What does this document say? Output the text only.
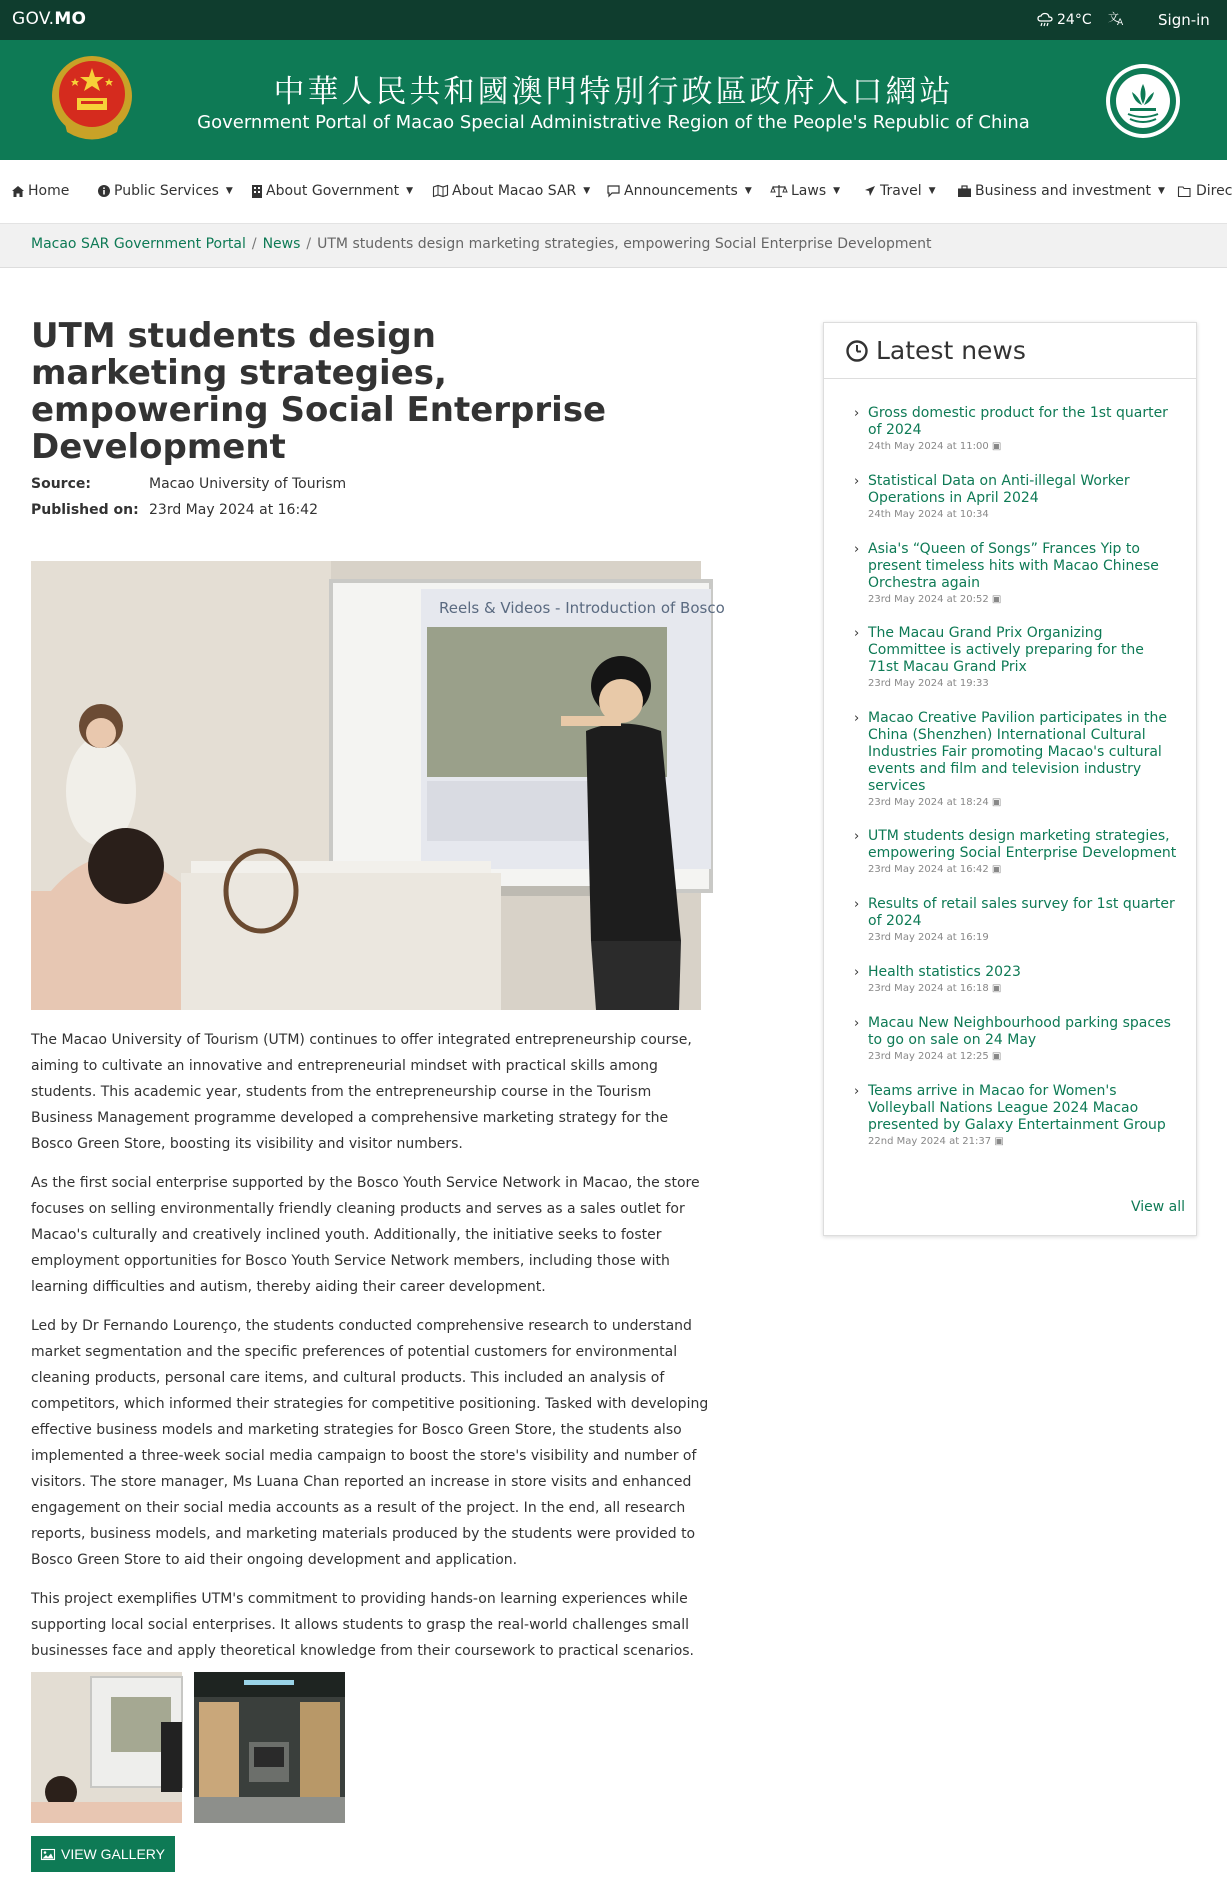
GOV.MO	24°C 文
A Sign-in
中華人民共和國澳門特別行政區政府入口網站
Government Portal of Macao Special Administrative Region of the People's Republic of China
Home	Public Services ▼ About Government ▼	About Macao SAR ▼ Announcements ▼	Laws ▼	Travel ▼	Business and investment ▼ Direc
Macao SAR Government Portal / News / UTM students design marketing strategies, empowering Social Enterprise Development
UTM students design marketing strategies, empowering Social Enterprise Development
Source:	Macao University of Tourism
Published on: 23rd May 2024 at 16:42
Reels & Videos - Introduction of Bosco

The Macao University of Tourism (UTM) continues to offer integrated entrepreneurship course, aiming to cultivate an innovative and entrepreneurial mindset with practical skills among students. This academic year, students from the entrepreneurship course in the Tourism Business Management programme developed a comprehensive marketing strategy for the Bosco Green Store, boosting its visibility and visitor numbers.

As the first social enterprise supported by the Bosco Youth Service Network in Macao, the store focuses on selling environmentally friendly cleaning products and serves as a sales outlet for Macao's culturally and creatively inclined youth. Additionally, the initiative seeks to foster employment opportunities for Bosco Youth Service Network members, including those with learning difficulties and autism, thereby aiding their career development.

Led by Dr Fernando Lourenço, the students conducted comprehensive research to understand market segmentation and the specific preferences of potential customers for environmental cleaning products, personal care items, and cultural products. This included an analysis of competitors, which informed their strategies for competitive positioning. Tasked with developing effective business models and marketing strategies for Bosco Green Store, the students also implemented a three-week social media campaign to boost the store's visibility and number of visitors. The store manager, Ms Luana Chan reported an increase in store visits and enhanced engagement on their social media accounts as a result of the project. In the end, all research reports, business models, and marketing materials produced by the students were provided to Bosco Green Store to aid their ongoing development and application.

This project exemplifies UTM's commitment to providing hands-on learning experiences while supporting local social enterprises. It allows students to grasp the real-world challenges small businesses face and apply theoretical knowledge from their coursework to practical scenarios.

VIEW GALLERY
Latest news
› Gross domestic product for the 1st quarter of 2024
24th May 2024 at 11:00 ▣
› Statistical Data on Anti-illegal Worker Operations in April 2024
24th May 2024 at 10:34
› Asia's “Queen of Songs” Frances Yip to present timeless hits with Macao Chinese Orchestra again
23rd May 2024 at 20:52 ▣
› The Macau Grand Prix Organizing Committee is actively preparing for the 71st Macau Grand Prix
23rd May 2024 at 19:33
› Macao Creative Pavilion participates in the China (Shenzhen) International Cultural Industries Fair promoting Macao's cultural events and film and television industry services
23rd May 2024 at 18:24 ▣
› UTM students design marketing strategies, empowering Social Enterprise Development
23rd May 2024 at 16:42 ▣
› Results of retail sales survey for 1st quarter of 2024
23rd May 2024 at 16:19
› Health statistics 2023
23rd May 2024 at 16:18 ▣
› Macau New Neighbourhood parking spaces to go on sale on 24 May
23rd May 2024 at 12:25 ▣
› Teams arrive in Macao for Women's Volleyball Nations League 2024 Macao presented by Galaxy Entertainment Group
22nd May 2024 at 21:37 ▣
View all
